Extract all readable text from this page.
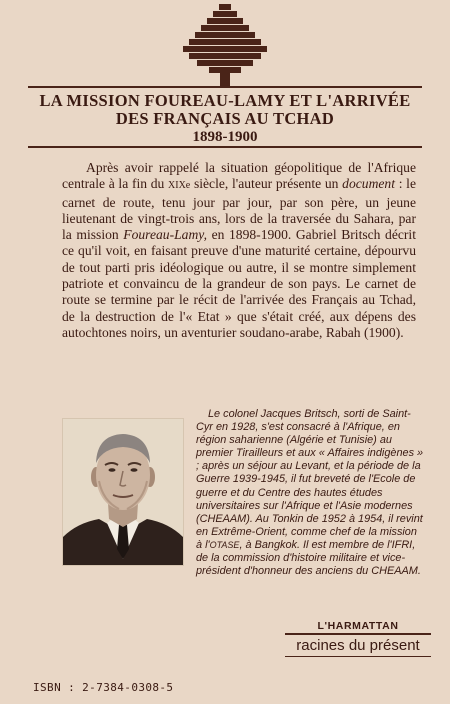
LA MISSION FOUREAU-LAMY ET L'ARRIVÉE
DES FRANÇAIS AU TCHAD
1898-1900

Après avoir rappelé la situation géopolitique de l'Afrique centrale à la fin du XIXe siècle, l'auteur présente un document : le carnet de route, tenu jour par jour, par son père, un jeune lieutenant de vingt-trois ans, lors de la traversée du Sahara, par la mission Foureau-Lamy, en 1898-1900. Gabriel Britsch décrit ce qu'il voit, en faisant preuve d'une maturité certaine, dépourvu de tout parti pris idéologique ou autre, il se montre simplement patriote et convaincu de la grandeur de son pays. Le carnet de route se termine par le récit de l'arrivée des Français au Tchad, de la destruction de l'« Etat » que s'était créé, aux dépens des autochtones noirs, un aventurier soudano-arabe, Rabah (1900).

Le colonel Jacques Britsch, sorti de Saint-Cyr en 1928, s'est consacré à l'Afrique, en région saharienne (Algérie et Tunisie) au premier Tirailleurs et aux « Affaires indigènes » ; après un séjour au Levant, et la période de la Guerre 1939-1945, il fut breveté de l'Ecole de guerre et du Centre des hautes études universitaires sur l'Afrique et l'Asie modernes (CHEAAM). Au Tonkin de 1952 à 1954, il revint en Extrême-Orient, comme chef de la mission à l'OTASE, à Bangkok. Il est membre de l'IFRI, de la commission d'histoire militaire et vice-président d'honneur des anciens du CHEAAM.

L'HARMATTAN
racines du présent
ISBN : 2-7384-0308-5
